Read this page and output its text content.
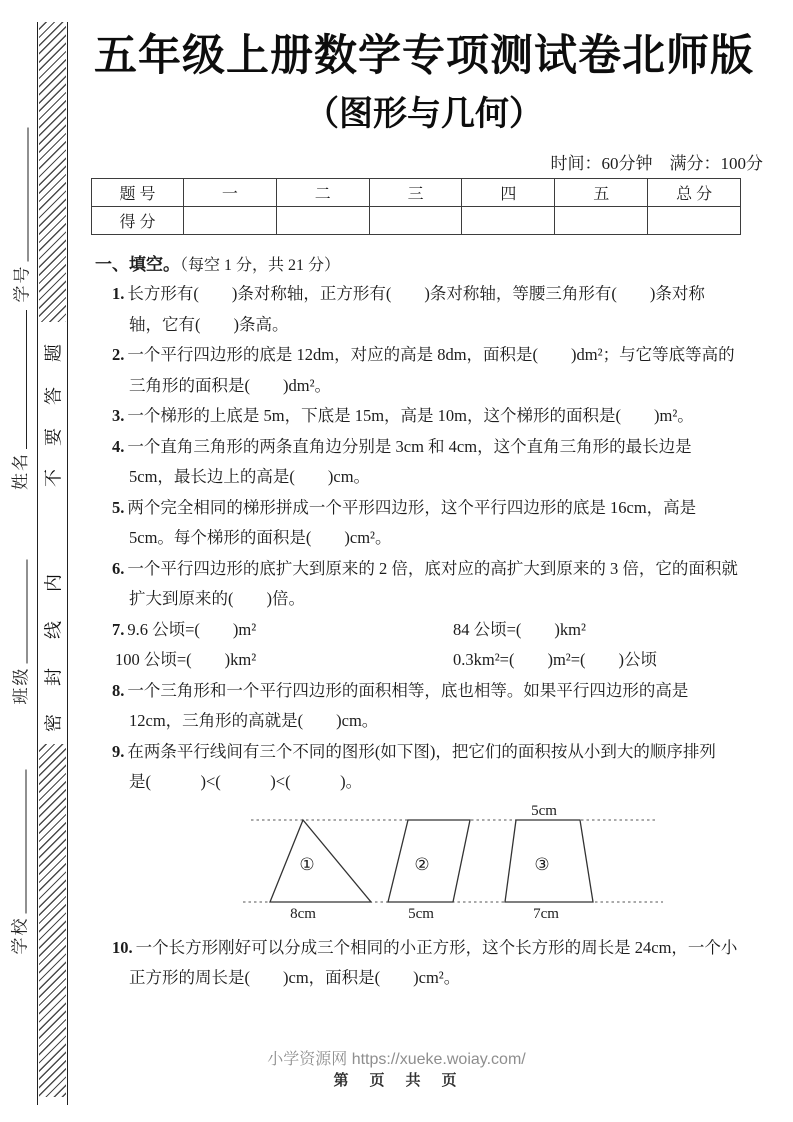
学号
姓名
班级
学校
题
答
要
不
内
线
封
密
五年级上册数学专项测试卷北师版
（图形与几何）
时间：60分钟　满分：100分
题 号	一	二	三	四	五	总 分
得 分						
一、填空。（每空 1 分，共 21 分）
1. 长方形有(　　)条对称轴，正方形有(　　)条对称轴，等腰三角形有(　　)条对称
轴，它有(　　)条高。
2. 一个平行四边形的底是 12dm，对应的高是 8dm，面积是(　　)dm²；与它等底等高的
三角形的面积是(　　)dm²。
3. 一个梯形的上底是 5m，下底是 15m，高是 10m，这个梯形的面积是(　　)m²。
4. 一个直角三角形的两条直角边分别是 3cm 和 4cm，这个直角三角形的最长边是
5cm，最长边上的高是(　　)cm。
5. 两个完全相同的梯形拼成一个平形四边形，这个平行四边形的底是 16cm，高是
5cm。每个梯形的面积是(　　)cm²。
6. 一个平行四边形的底扩大到原来的 2 倍，底对应的高扩大到原来的 3 倍，它的面积就
扩大到原来的(　　)倍。
7. 9.6 公顷=(　　)m²	84 公顷=(　　)km²
100 公顷=(　　)km²	0.3km²=(　　)m²=(　　)公顷
8. 一个三角形和一个平行四边形的面积相等，底也相等。如果平行四边形的高是
12cm，三角形的高就是(　　)cm。
9. 在两条平行线间有三个不同的图形(如下图)，把它们的面积按从小到大的顺序排列
是(　　　)<(　　　)<(　　　)。
5cm
①	②	③
8cm	5cm	7cm
10. 一个长方形刚好可以分成三个相同的小正方形，这个长方形的周长是 24cm，一个小
正方形的周长是(　　)cm，面积是(　　)cm²。
小学资源网 https://xueke.woiay.com/
第　页　共　页
